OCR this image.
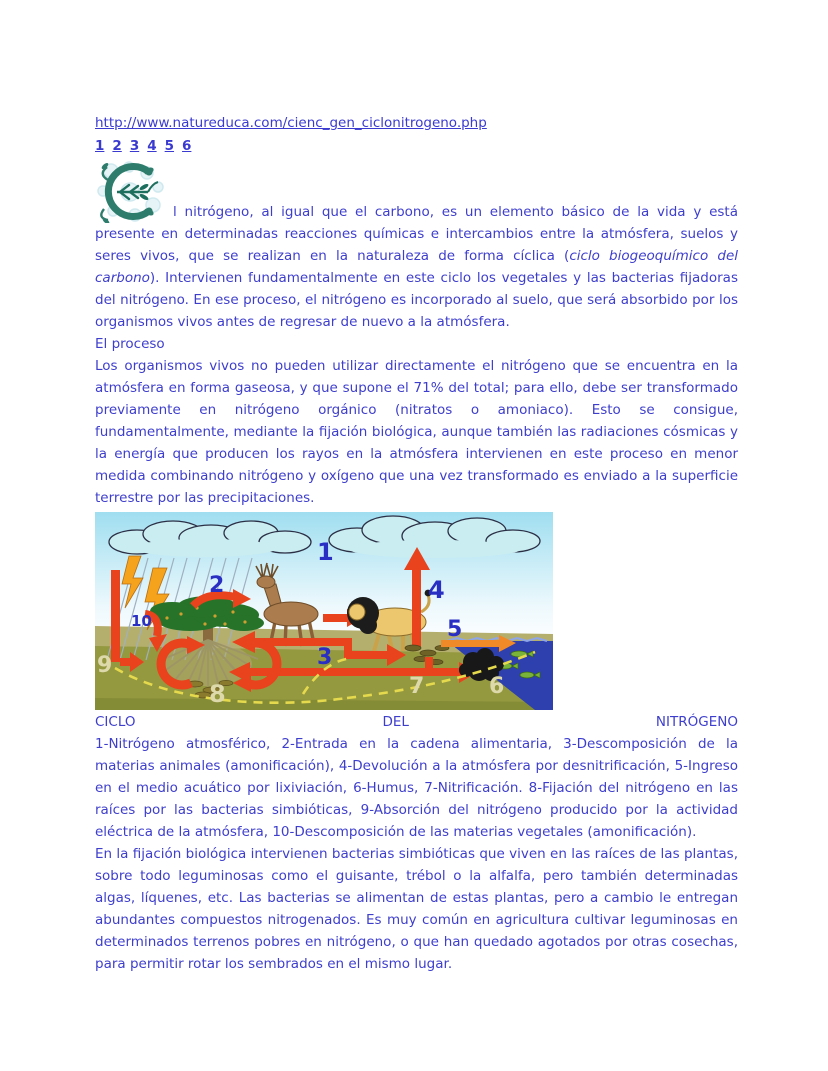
http://www.natureduca.com/cienc_gen_ciclonitrogeno.php
1 2 3 4 5 6

l nitrógeno, al igual que el carbono, es un elemento básico de la vida y está presente en determinadas reacciones químicas e intercambios entre la atmósfera, suelos y seres vivos, que se realizan en la naturaleza de forma cíclica (ciclo biogeoquímico del carbono). Intervienen fundamentalmente en este ciclo los vegetales y las bacterias fijadoras del nitrógeno. En ese proceso, el nitrógeno es incorporado al suelo, que será absorbido por los organismos vivos antes de regresar de nuevo a la atmósfera.

El proceso

Los organismos vivos no pueden utilizar directamente el nitrógeno que se encuentra en la atmósfera en forma gaseosa, y que supone el 71% del total; para ello, debe ser transformado previamente en nitrógeno orgánico (nitratos o amoniaco). Esto se consigue, fundamentalmente, mediante la fijación biológica, aunque también las radiaciones cósmicas y la energía que producen los rayos en la atmósfera intervienen en este proceso en menor medida combinando nitrógeno y oxígeno que una vez transformado es enviado a la superficie terrestre por las precipitaciones.

1
2
3
4
5
6
7
8
9
10
CICLO	DEL	NITRÓGENO

1-Nitrógeno atmosférico, 2-Entrada en la cadena alimentaria, 3-Descomposición de la materias animales (amonificación), 4-Devolución a la atmósfera por desnitrificación, 5-Ingreso en el medio acuático por lixiviación, 6-Humus, 7-Nitrificación. 8-Fijación del nitrógeno en las raíces por las bacterias simbióticas, 9-Absorción del nitrógeno producido por la actividad eléctrica de la atmósfera, 10-Descomposición de las materias vegetales (amonificación).

En la fijación biológica intervienen bacterias simbióticas que viven en las raíces de las plantas, sobre todo leguminosas como el guisante, trébol o la alfalfa, pero también determinadas algas, líquenes, etc. Las bacterias se alimentan de estas plantas, pero a cambio le entregan abundantes compuestos nitrogenados. Es muy común en agricultura cultivar leguminosas en determinados terrenos pobres en nitrógeno, o que han quedado agotados por otras cosechas, para permitir rotar los sembrados en el mismo lugar.
